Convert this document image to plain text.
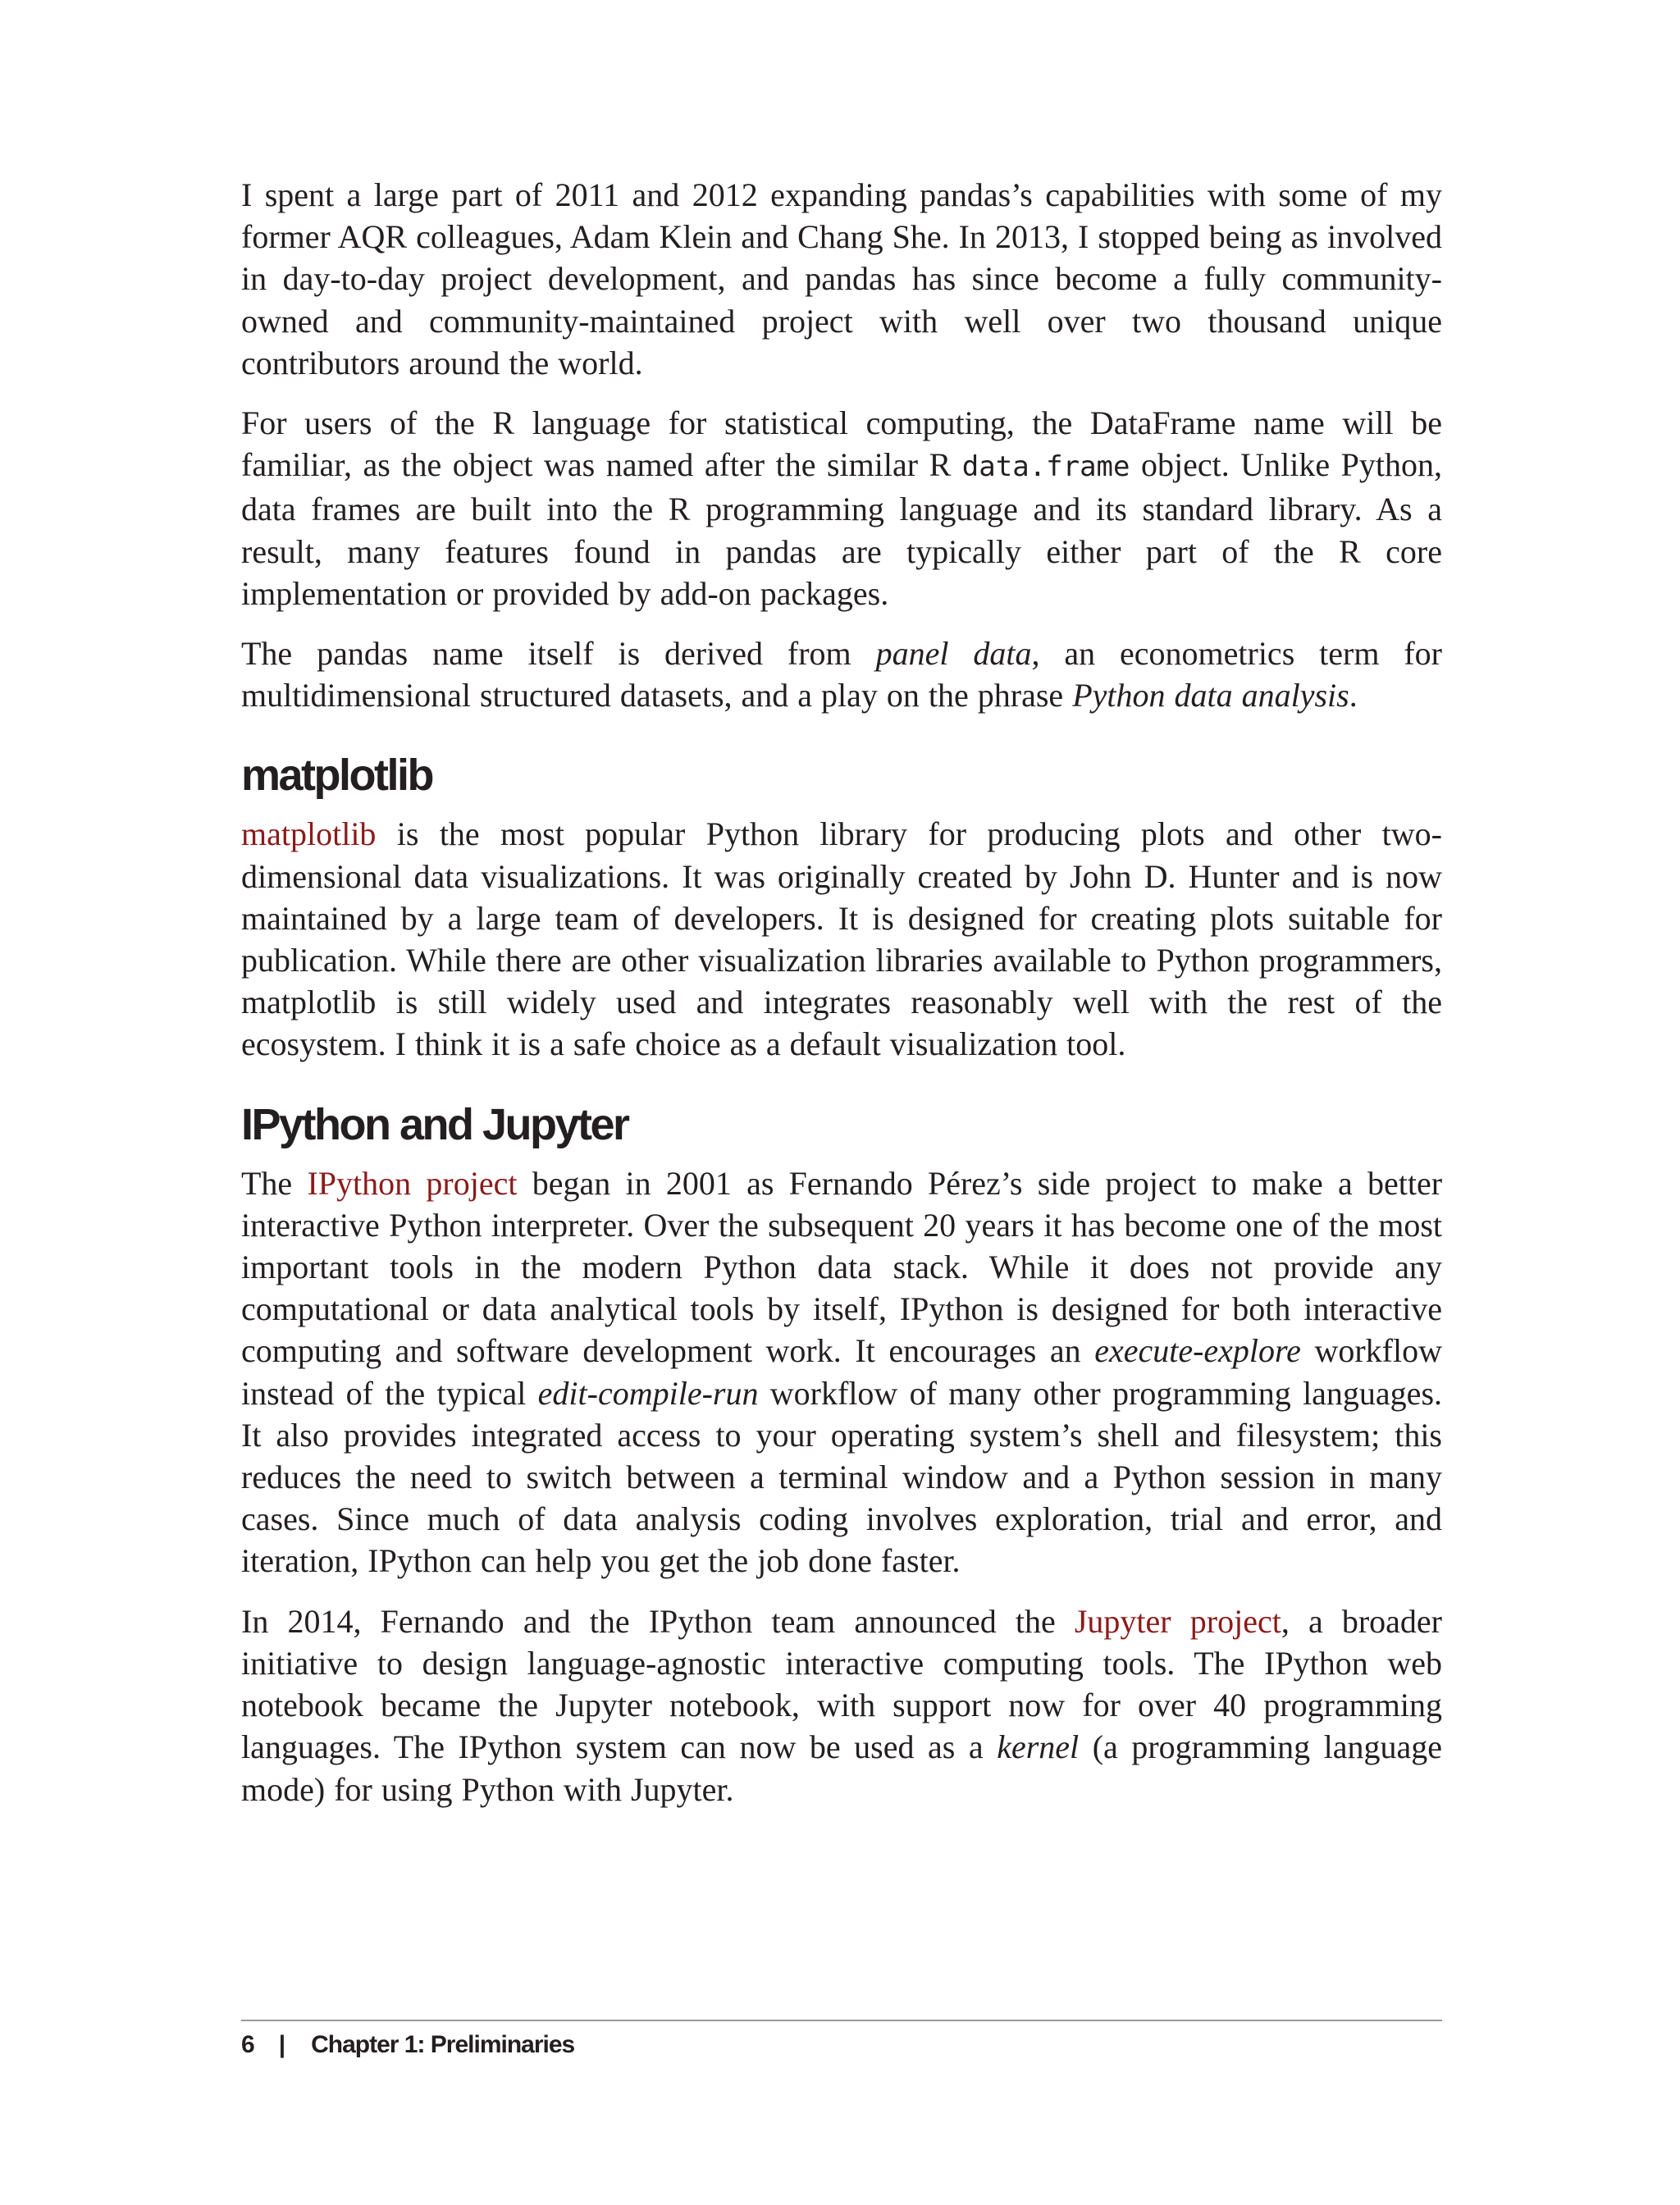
I spent a large part of 2011 and 2012 expanding pandas’s capabilities with some of my former AQR colleagues, Adam Klein and Chang She. In 2013, I stopped being as involved in day-to-day project development, and pandas has since become a fully community-owned and community-maintained project with well over two thousand unique contributors around the world.

For users of the R language for statistical computing, the DataFrame name will be familiar, as the object was named after the similar R data.frame object. Unlike Python, data frames are built into the R programming language and its standard library. As a result, many features found in pandas are typically either part of the R core implementation or provided by add-on packages.

The pandas name itself is derived from panel data, an econometrics term for multidimensional structured datasets, and a play on the phrase Python data analysis.

matplotlib

matplotlib is the most popular Python library for producing plots and other two-dimensional data visualizations. It was originally created by John D. Hunter and is now maintained by a large team of developers. It is designed for creating plots suitable for publication. While there are other visualization libraries available to Python programmers, matplotlib is still widely used and integrates reasonably well with the rest of the ecosystem. I think it is a safe choice as a default visualization tool.

IPython and Jupyter

The IPython project began in 2001 as Fernando Pérez’s side project to make a better interactive Python interpreter. Over the subsequent 20 years it has become one of the most important tools in the modern Python data stack. While it does not provide any computational or data analytical tools by itself, IPython is designed for both interactive computing and software development work. It encourages an execute-explore workflow instead of the typical edit-compile-run workflow of many other programming languages. It also provides integrated access to your operating system’s shell and filesystem; this reduces the need to switch between a terminal window and a Python session in many cases. Since much of data analysis coding involves exploration, trial and error, and iteration, IPython can help you get the job done faster.

In 2014, Fernando and the IPython team announced the Jupyter project, a broader initiative to design language-agnostic interactive computing tools. The IPython web notebook became the Jupyter notebook, with support now for over 40 programming languages. The IPython system can now be used as a kernel (a programming language mode) for using Python with Jupyter.

6 | Chapter 1: Preliminaries
